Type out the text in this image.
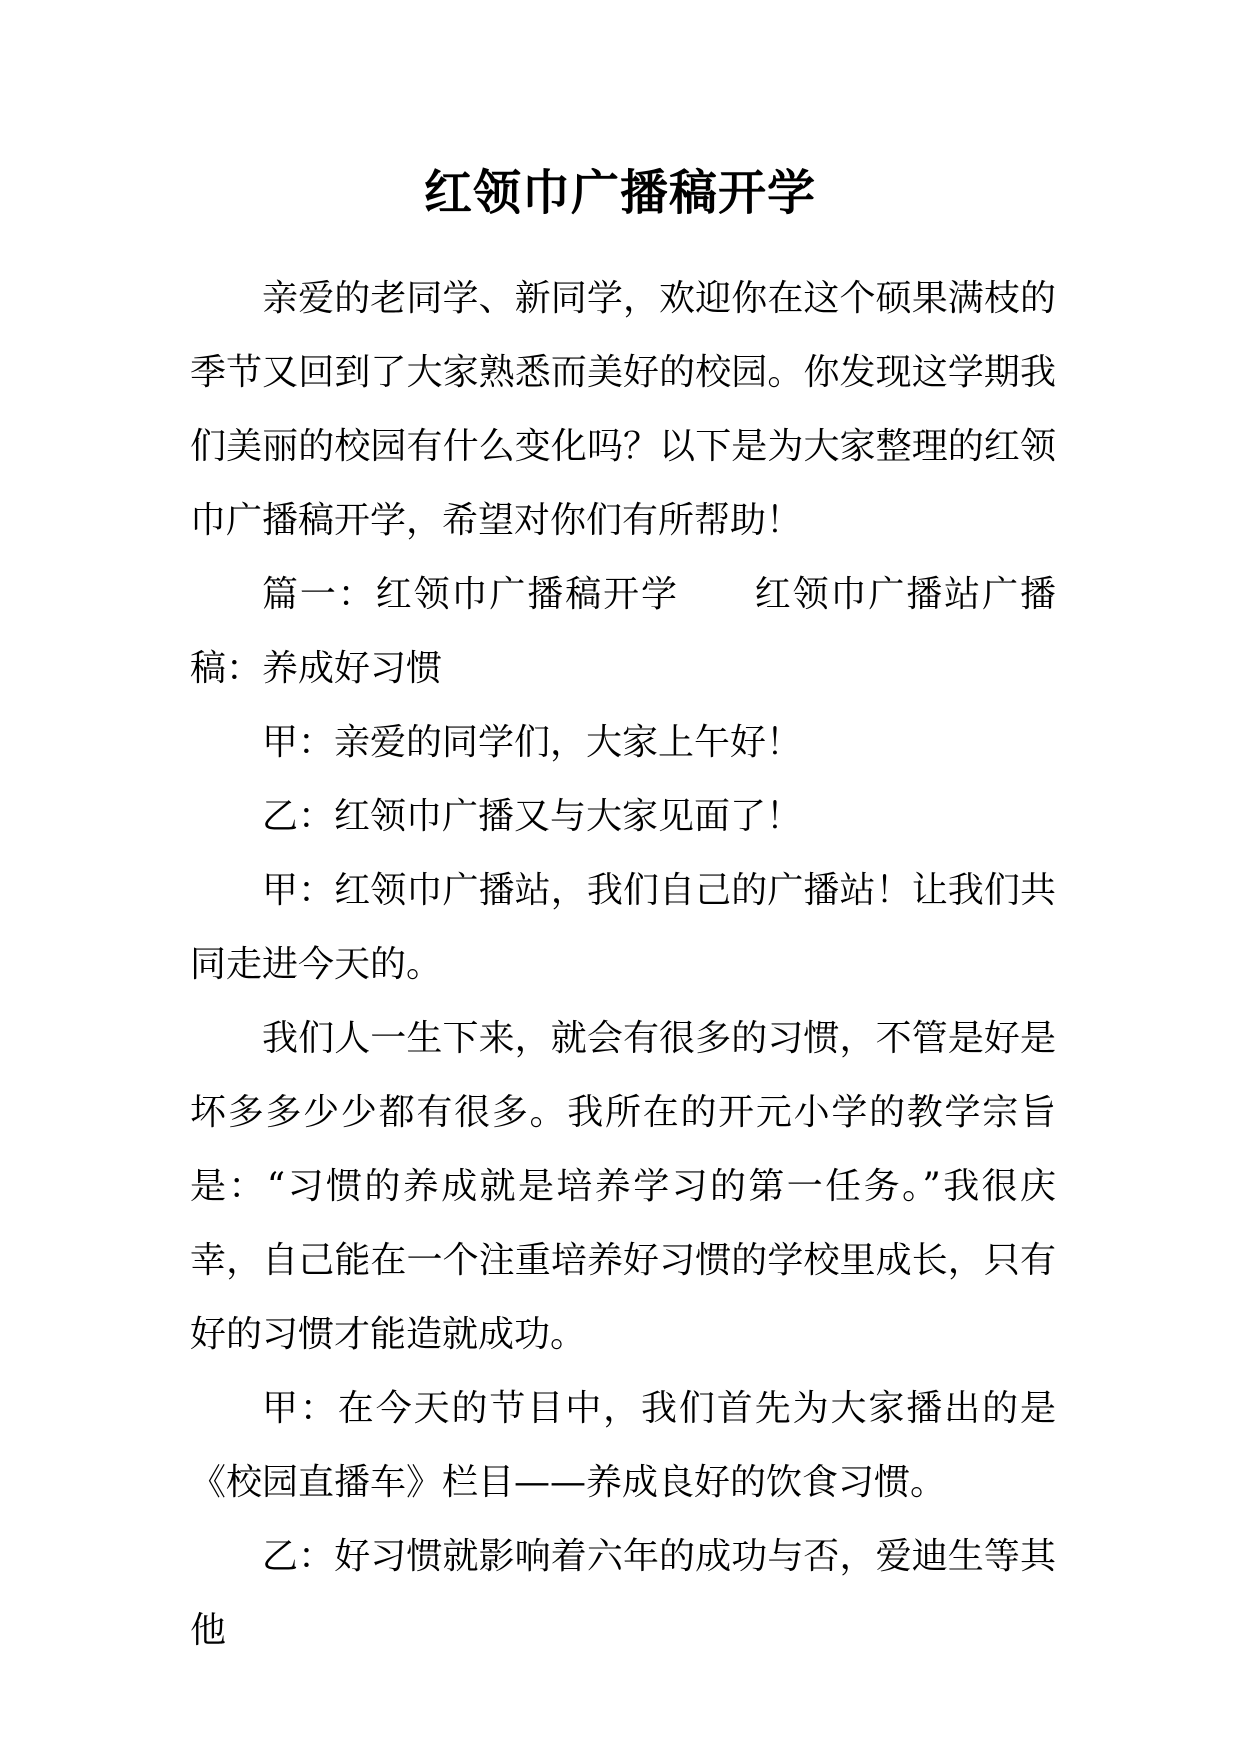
红领巾广播稿开学

亲爱的老同学、新同学，欢迎你在这个硕果满枝的季节又回到了大家熟悉而美好的校园。你发现这学期我们美丽的校园有什么变化吗？以下是为大家整理的红领巾广播稿开学，希望对你们有所帮助！

篇一：红领巾广播稿开学　　红领巾广播站广播稿：养成好习惯

甲：亲爱的同学们，大家上午好！

乙：红领巾广播又与大家见面了！

甲：红领巾广播站，我们自己的广播站！让我们共同走进今天的。

我们人一生下来，就会有很多的习惯，不管是好是坏多多少少都有很多。我所在的开元小学的教学宗旨是：“习惯的养成就是培养学习的第一任务。”我很庆幸，自己能在一个注重培养好习惯的学校里成长，只有好的习惯才能造就成功。

甲：在今天的节目中，我们首先为大家播出的是《校园直播车》栏目——养成良好的饮食习惯。

乙：好习惯就影响着六年的成功与否，爱迪生等其他
